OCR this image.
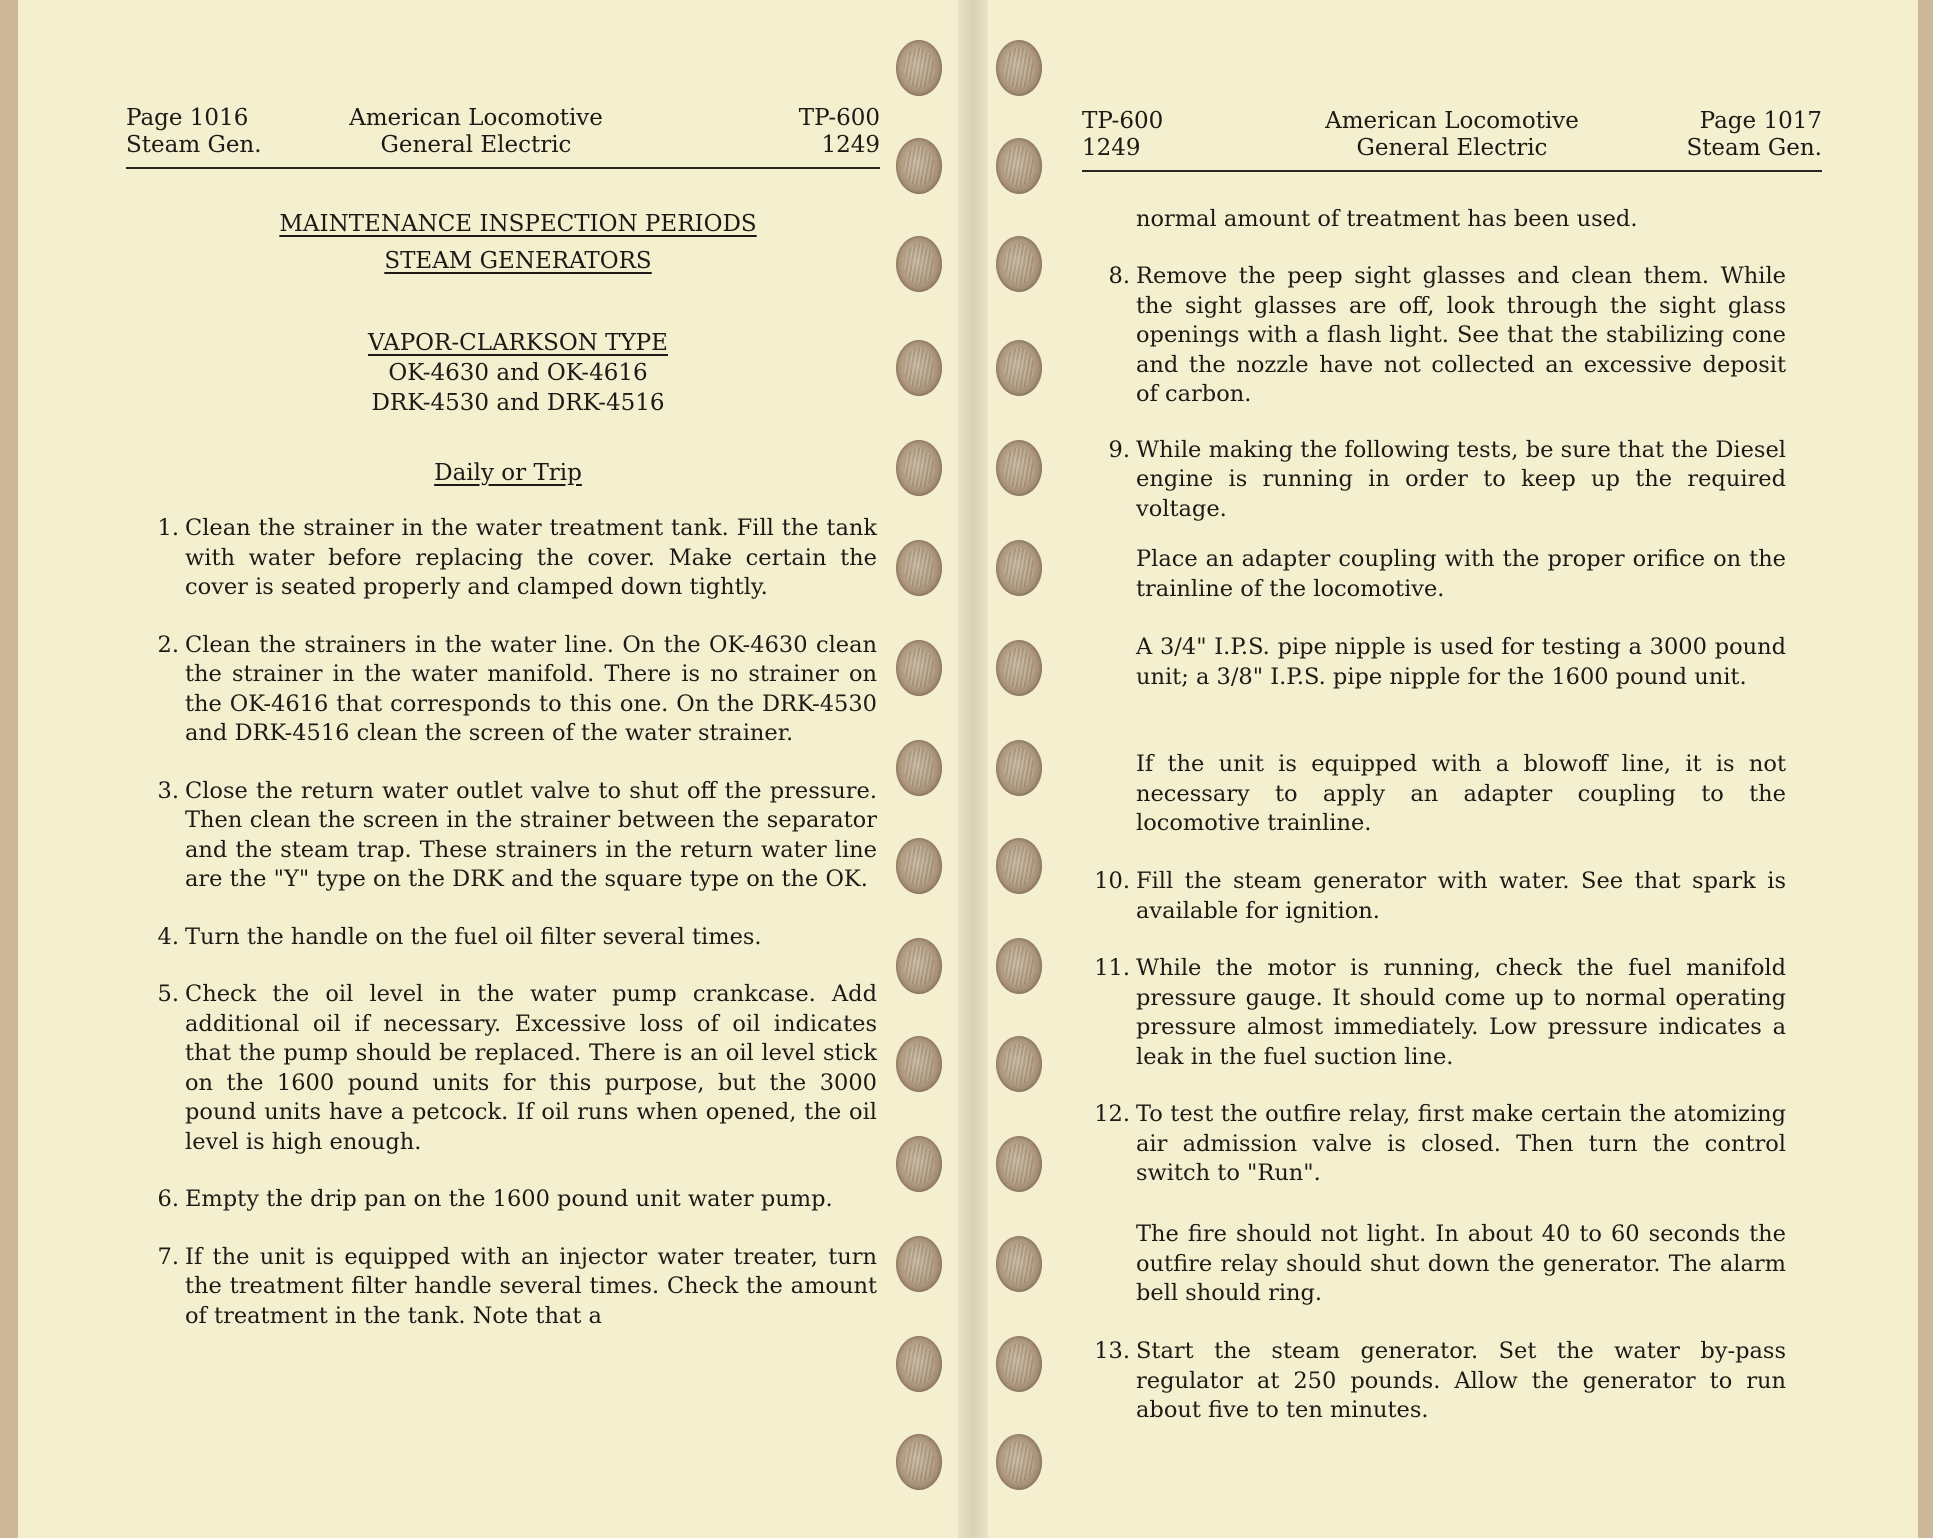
Page 1016
Steam Gen.
American Locomotive
General Electric
TP-600
1249
MAINTENANCE INSPECTION PERIODS
STEAM GENERATORS
VAPOR-CLARKSON TYPE
OK-4630 and OK-4616
DRK-4530 and DRK-4516
Daily or Trip
1. Clean the strainer in the water treatment tank. Fill the tank with water before replacing the cover. Make certain the cover is seated properly and clamped down tightly.
2. Clean the strainers in the water line. On the OK-4630 clean the strainer in the water manifold. There is no strainer on the OK-4616 that corresponds to this one. On the DRK-4530 and DRK-4516 clean the screen of the water strainer.
3. Close the return water outlet valve to shut off the pressure. Then clean the screen in the strainer between the separator and the steam trap. These strainers in the return water line are the "Y" type on the DRK and the square type on the OK.
4. Turn the handle on the fuel oil filter several times.
5. Check the oil level in the water pump crankcase. Add additional oil if necessary. Excessive loss of oil indicates that the pump should be replaced. There is an oil level stick on the 1600 pound units for this purpose, but the 3000 pound units have a petcock. If oil runs when opened, the oil level is high enough.
6. Empty the drip pan on the 1600 pound unit water pump.
7. If the unit is equipped with an injector water treater, turn the treatment filter handle several times. Check the amount of treatment in the tank. Note that a
TP-600
1249
American Locomotive
General Electric
Page 1017
Steam Gen.
normal amount of treatment has been used.
8. Remove the peep sight glasses and clean them. While the sight glasses are off, look through the sight glass openings with a flash light. See that the stabilizing cone and the nozzle have not collected an excessive deposit of carbon.
9. While making the following tests, be sure that the Diesel engine is running in order to keep up the required voltage.
Place an adapter coupling with the proper orifice on the trainline of the locomotive.
A 3/4" I.P.S. pipe nipple is used for testing a 3000 pound unit; a 3/8" I.P.S. pipe nipple for the 1600 pound unit.
If the unit is equipped with a blowoff line, it is not necessary to apply an adapter coupling to the locomotive trainline.
10. Fill the steam generator with water. See that spark is available for ignition.
11. While the motor is running, check the fuel manifold pressure gauge. It should come up to normal operating pressure almost immediately. Low pressure indicates a leak in the fuel suction line.
12. To test the outfire relay, first make certain the atomizing air admission valve is closed. Then turn the control switch to "Run".
The fire should not light. In about 40 to 60 seconds the outfire relay should shut down the generator. The alarm bell should ring.
13. Start the steam generator. Set the water by-pass regulator at 250 pounds. Allow the generator to run about five to ten minutes.
